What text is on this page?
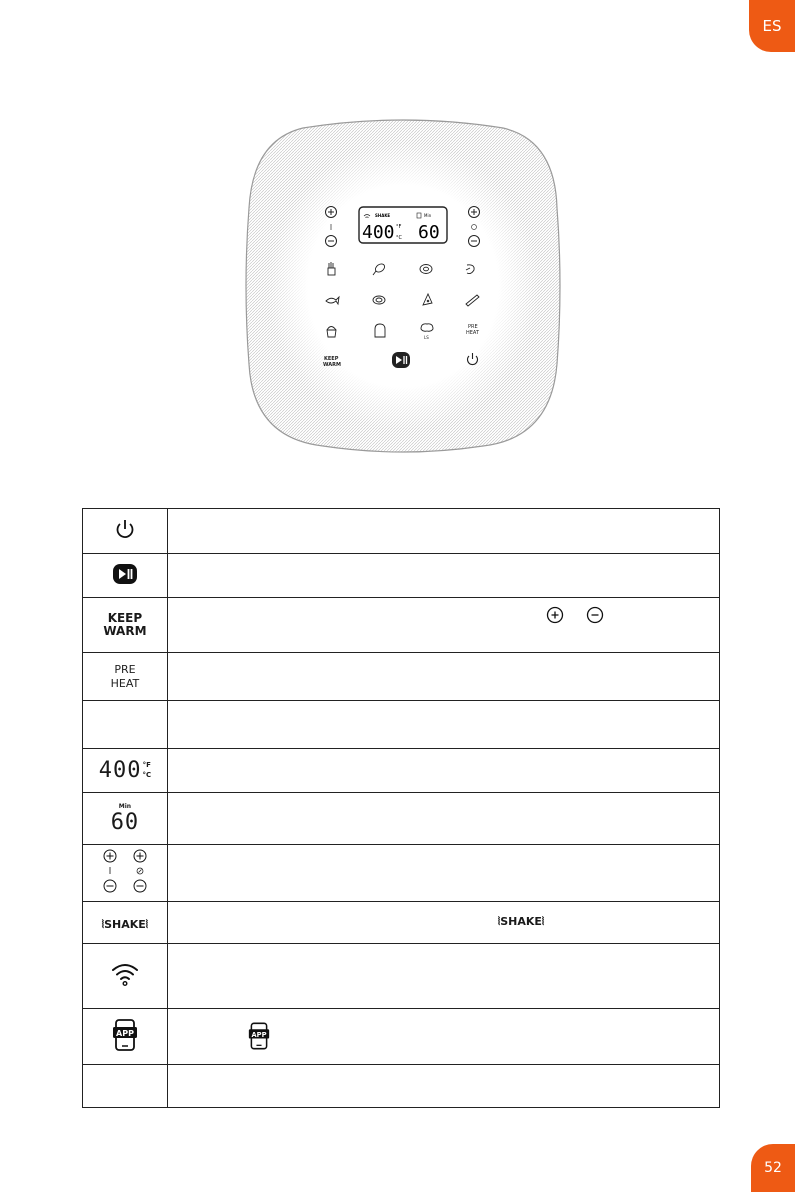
ES
SHAKE	Min
400 °F
°C 60
LS
PRE
HEAT
KEEP
WARM

KEEP
WARM

PRE
HEAT	

400 °F
°C	

Min
60	

⦚SHAKE⦚	⦚SHAKE⦚

APP	APP

52
